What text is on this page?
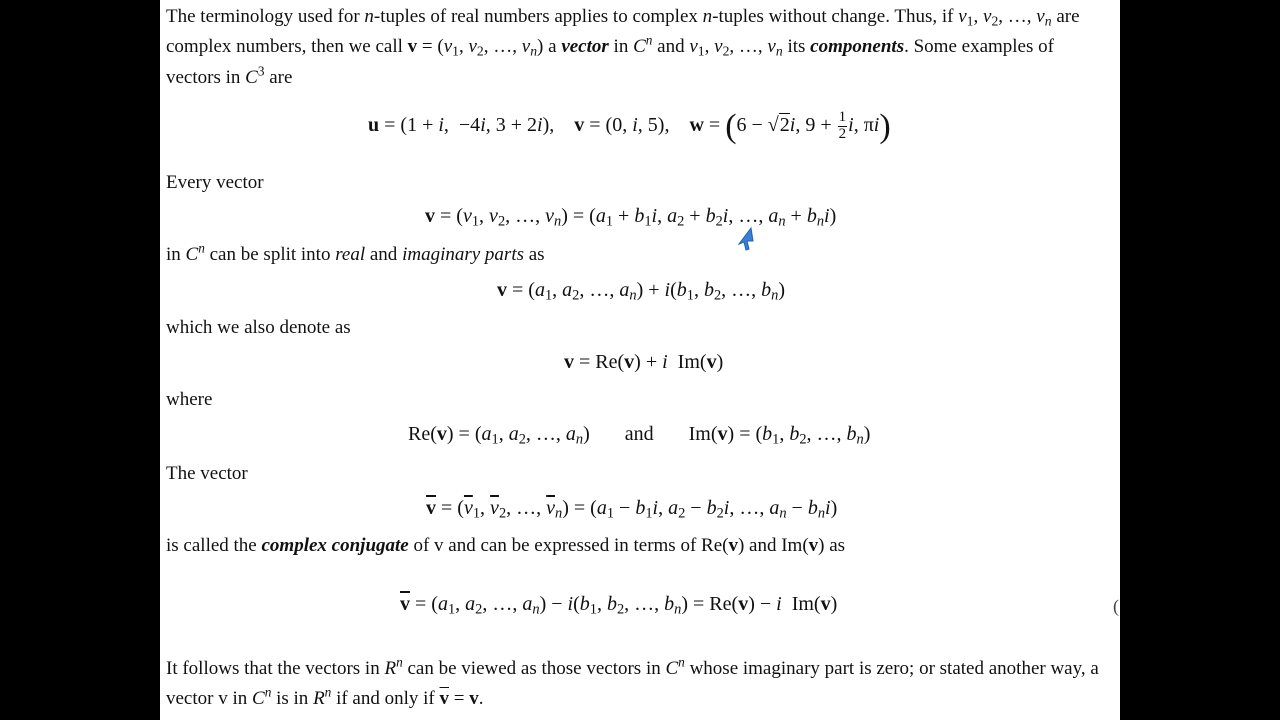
The terminology used for n-tuples of real numbers applies to complex n-tuples without change. Thus, if $v_1$, $v_2$, …, $v_n$ are
complex numbers, then we call $v = (v_1$, $v_2$, …, $v_n$) a vector in $C^n$ and $v_1$, $v_2$, …, $v_n$ its components. Some examples of
vectors in $C^3$ are
u = (1 + i,  −4i, 3 + 2i),    v = (0, i, 5),    w = (6 − √2i, $9 + \frac{1}{2} i$, πi)
Every vector
$v = (v_1$, $v_2$, …, $v_n) = (a_1 + b_1i$, $a_2 + b_2i$, …, $a_n + b_ni$)
in $C^n$ can be split into real and imaginary parts as
$v = (a_1$, $a_2$, …, $a_n) + i(b_1$, $b_2$, …, $b_n$)
which we also denote as
v = Re(v) + i  Im(v)
where
$Re(v) = (a_1$, $a_2$, …, $a_n$)       and       $Im(v) = (b_1$, $b_2$, …, $b_n$)
The vector
$\overline{v} = (\overline{v}_1$, $\overline{v}_2$, …, $\overline{v}_n) = (a_1 - b_1i$, $a_2 - b_2i$, …, $a_n - b_ni$)
is called the complex conjugate of v and can be expressed in terms of Re(v) and Im(v) as
$\overline{v} = (a_1$, $a_2$, …, $a_n) - i(b_1$, $b_2$, …, $b_n) = Re(v) - i$  Im(v)	(
It follows that the vectors in $R^n$ can be viewed as those vectors in $C^n$ whose imaginary part is zero; or stated another way, a
vector v in $C^n$ is in $R^n$ if and only if $\overline{v} = v$.
